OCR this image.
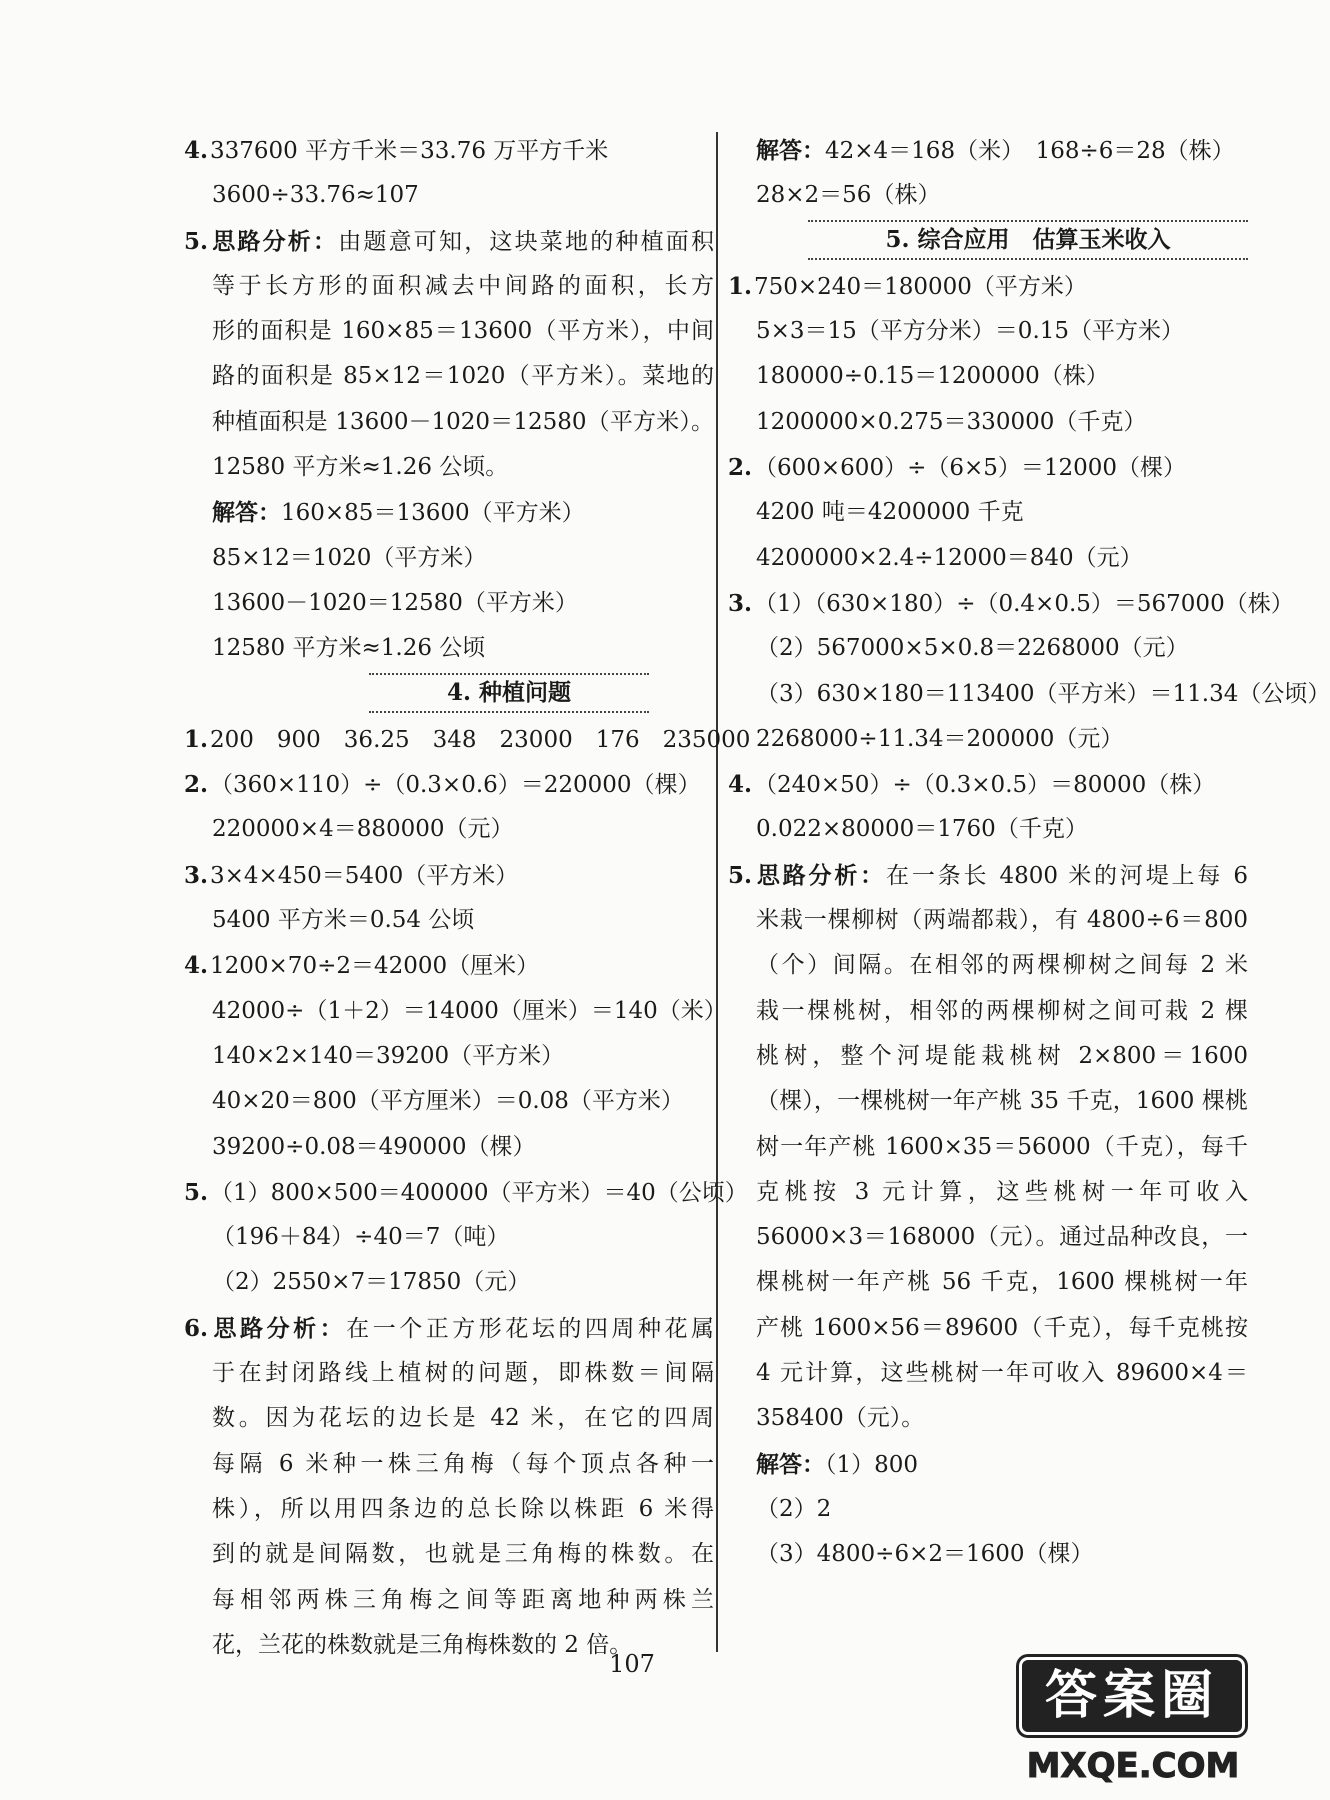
4.337600 平方千米＝33.76 万平方千米
3600÷33.76≈107
5.思路分析：由题意可知，这块菜地的种植面积
等于长方形的面积减去中间路的面积，长方
形的面积是 160×85＝13600（平方米），中间
路的面积是 85×12＝1020（平方米）。菜地的
种植面积是 13600－1020＝12580（平方米）。
12580 平方米≈1.26 公顷。
解答：160×85＝13600（平方米）
85×12＝1020（平方米）
13600－1020＝12580（平方米）
12580 平方米≈1.26 公顷
4. 种植问题
1.200　900　36.25　348　23000　176　235000
2.（360×110）÷（0.3×0.6）＝220000（棵）
220000×4＝880000（元）
3.3×4×450＝5400（平方米）
5400 平方米＝0.54 公顷
4.1200×70÷2＝42000（厘米）
42000÷（1＋2）＝14000（厘米）＝140（米）
140×2×140＝39200（平方米）
40×20＝800（平方厘米）＝0.08（平方米）
39200÷0.08＝490000（棵）
5.（1）800×500＝400000（平方米）＝40（公顷）
（196＋84）÷40＝7（吨）
（2）2550×7＝17850（元）
6.思路分析：在一个正方形花坛的四周种花属
于在封闭路线上植树的问题，即株数＝间隔
数。因为花坛的边长是 42 米，在它的四周
每隔 6 米种一株三角梅（每个顶点各种一
株），所以用四条边的总长除以株距 6 米得
到的就是间隔数，也就是三角梅的株数。在
每相邻两株三角梅之间等距离地种两株兰
花，兰花的株数就是三角梅株数的 2 倍。
解答：42×4＝168（米）　168÷6＝28（株）
28×2＝56（株）
5. 综合应用　估算玉米收入
1.750×240＝180000（平方米）
5×3＝15（平方分米）＝0.15（平方米）
180000÷0.15＝1200000（株）
1200000×0.275＝330000（千克）
2.（600×600）÷（6×5）＝12000（棵）
4200 吨＝4200000 千克
4200000×2.4÷12000＝840（元）
3.（1）（630×180）÷（0.4×0.5）＝567000（株）
（2）567000×5×0.8＝2268000（元）
（3）630×180＝113400（平方米）＝11.34（公顷）
2268000÷11.34＝200000（元）
4.（240×50）÷（0.3×0.5）＝80000（株）
0.022×80000＝1760（千克）
5.思路分析：在一条长 4800 米的河堤上每 6
米栽一棵柳树（两端都栽），有 4800÷6＝800
（个）间隔。在相邻的两棵柳树之间每 2 米
栽一棵桃树，相邻的两棵柳树之间可栽 2 棵
桃树，整个河堤能栽桃树 2×800＝1600
（棵），一棵桃树一年产桃 35 千克，1600 棵桃
树一年产桃 1600×35＝56000（千克），每千
克桃按 3 元计算，这些桃树一年可收入
56000×3＝168000（元）。通过品种改良，一
棵桃树一年产桃 56 千克，1600 棵桃树一年
产桃 1600×56＝89600（千克），每千克桃按
4 元计算，这些桃树一年可收入 89600×4＝
358400（元）。
解答：（1）800
（2）2
（3）4800÷6×2＝1600（棵）
107
答案圈
MXQE.COM
